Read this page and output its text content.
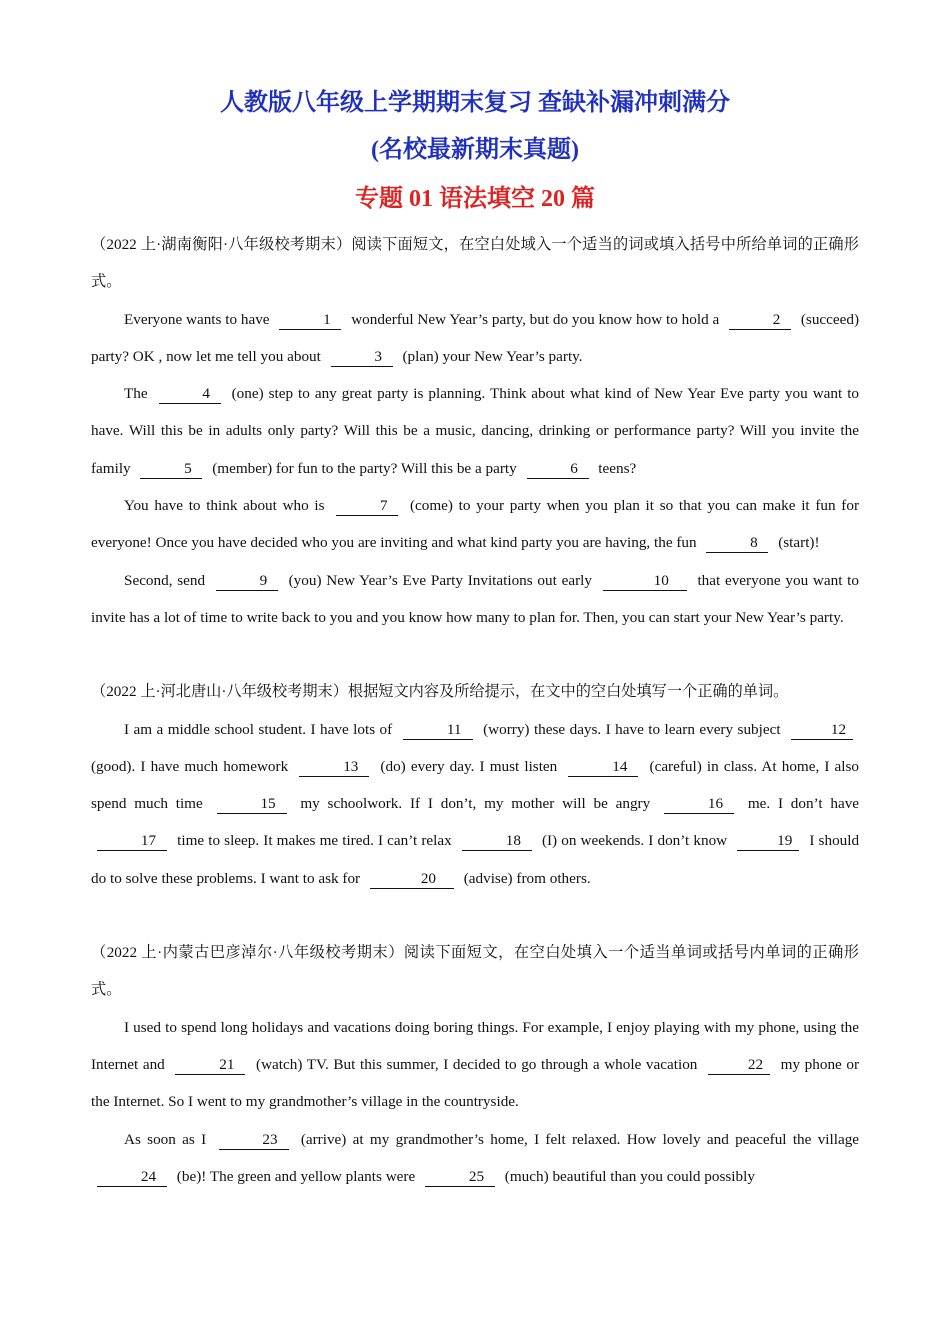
人教版八年级上学期期末复习 查缺补漏冲刺满分
(名校最新期末真题)
专题 01 语法填空 20 篇

（2022 上·湖南衡阳·八年级校考期末）阅读下面短文，在空白处域入一个适当的词或填入括号中所给单词的正确形式。

Everyone wants to have	1 wonderful New Year’s party, but do you know how to hold a	2 (succeed) party? OK , now let me tell you about	3 (plan) your New Year’s party.

The	4 (one) step to any great party is planning. Think about what kind of New Year Eve party you want to have. Will this be in adults only party? Will this be a music, dancing, drinking or performance party? Will you invite the family	5 (member) for fun to the party? Will this be a party	6 teens?

You have to think about who is	7 (come) to your party when you plan it so that you can make it fun for everyone! Once you have decided who you are inviting and what kind party you are having, the fun	8 (start)!

Second, send	9 (you) New Year’s Eve Party Invitations out early	10 that everyone you want to invite has a lot of time to write back to you and you know how many to plan for. Then, you can start your New Year’s party.

（2022 上·河北唐山·八年级校考期末）根据短文内容及所给提示，在文中的空白处填写一个正确的单词。

I am a middle school student. I have lots of	11 (worry) these days. I have to learn every subject	12 (good). I have much homework	13 (do) every day. I must listen	14 (careful) in class. At home, I also spend much time	15 my schoolwork. If I don’t, my mother will be angry	16 me. I don’t have 17 time to sleep. It makes me tired. I can’t relax	18 (I) on weekends. I don’t know	19 I should do to solve these problems. I want to ask for	20 (advise) from others.

（2022 上·内蒙古巴彦淖尔·八年级校考期末）阅读下面短文，在空白处填入一个适当单词或括号内单词的正确形式。

I used to spend long holidays and vacations doing boring things. For example, I enjoy playing with my phone, using the Internet and	21 (watch) TV. But this summer, I decided to go through a whole vacation	22 my phone or the Internet. So I went to my grandmother’s village in the countryside.

As soon as I	23 (arrive) at my grandmother’s home, I felt relaxed. How lovely and peaceful the village 24 (be)! The green and yellow plants were	25 (much) beautiful than you could possibly
